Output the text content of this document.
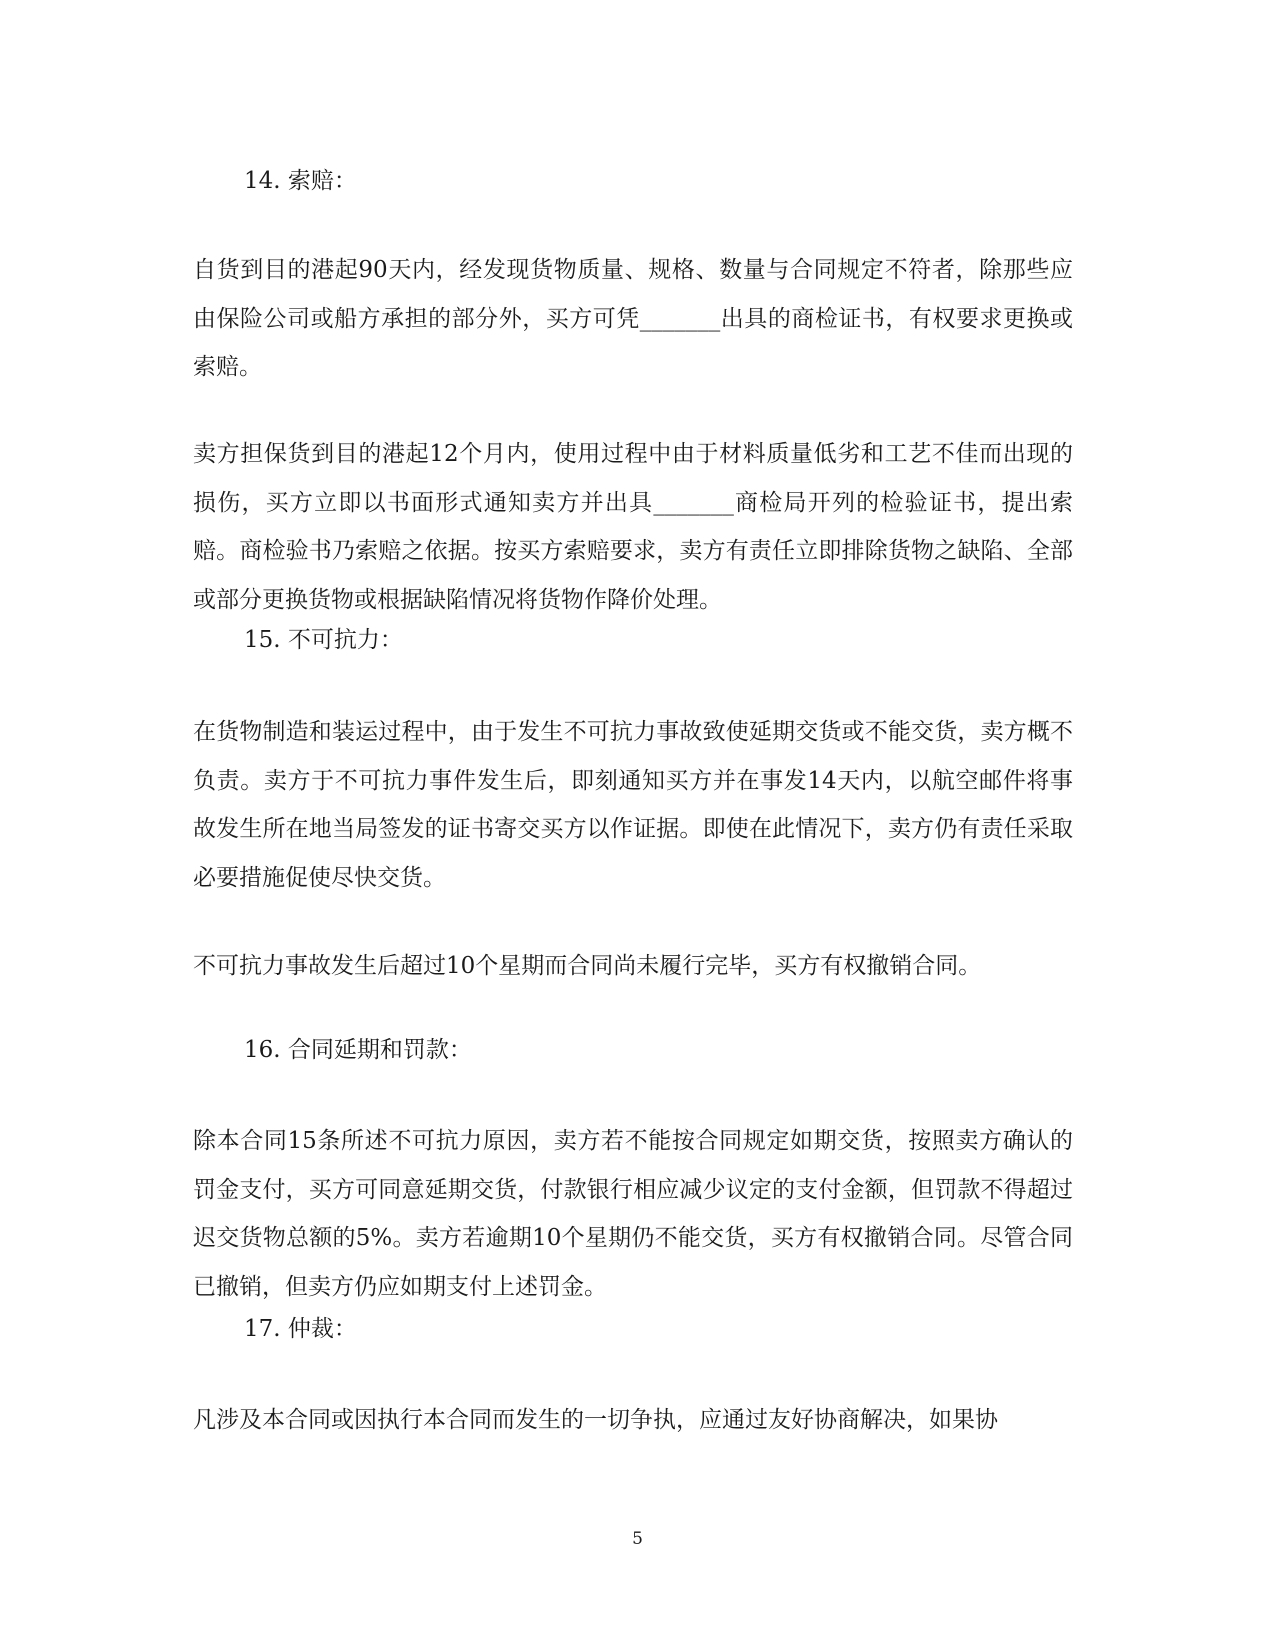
14. 索赔：

自货到目的港起90天内，经发现货物质量、规格、数量与合同规定不符者，除那些应由保险公司或船方承担的部分外，买方可凭_______出具的商检证书，有权要求更换或索赔。

卖方担保货到目的港起12个月内，使用过程中由于材料质量低劣和工艺不佳而出现的损伤，买方立即以书面形式通知卖方并出具_______商检局开列的检验证书，提出索赔。商检验书乃索赔之依据。按买方索赔要求，卖方有责任立即排除货物之缺陷、全部或部分更换货物或根据缺陷情况将货物作降价处理。

15. 不可抗力：

在货物制造和装运过程中，由于发生不可抗力事故致使延期交货或不能交货，卖方概不负责。卖方于不可抗力事件发生后，即刻通知买方并在事发14天内，以航空邮件将事故发生所在地当局签发的证书寄交买方以作证据。即使在此情况下，卖方仍有责任采取必要措施促使尽快交货。

不可抗力事故发生后超过10个星期而合同尚未履行完毕，买方有权撤销合同。

16. 合同延期和罚款：

除本合同15条所述不可抗力原因，卖方若不能按合同规定如期交货，按照卖方确认的罚金支付，买方可同意延期交货，付款银行相应减少议定的支付金额，但罚款不得超过迟交货物总额的5%。卖方若逾期10个星期仍不能交货，买方有权撤销合同。尽管合同已撤销，但卖方仍应如期支付上述罚金。

17. 仲裁：

凡涉及本合同或因执行本合同而发生的一切争执，应通过友好协商解决，如果协

5
